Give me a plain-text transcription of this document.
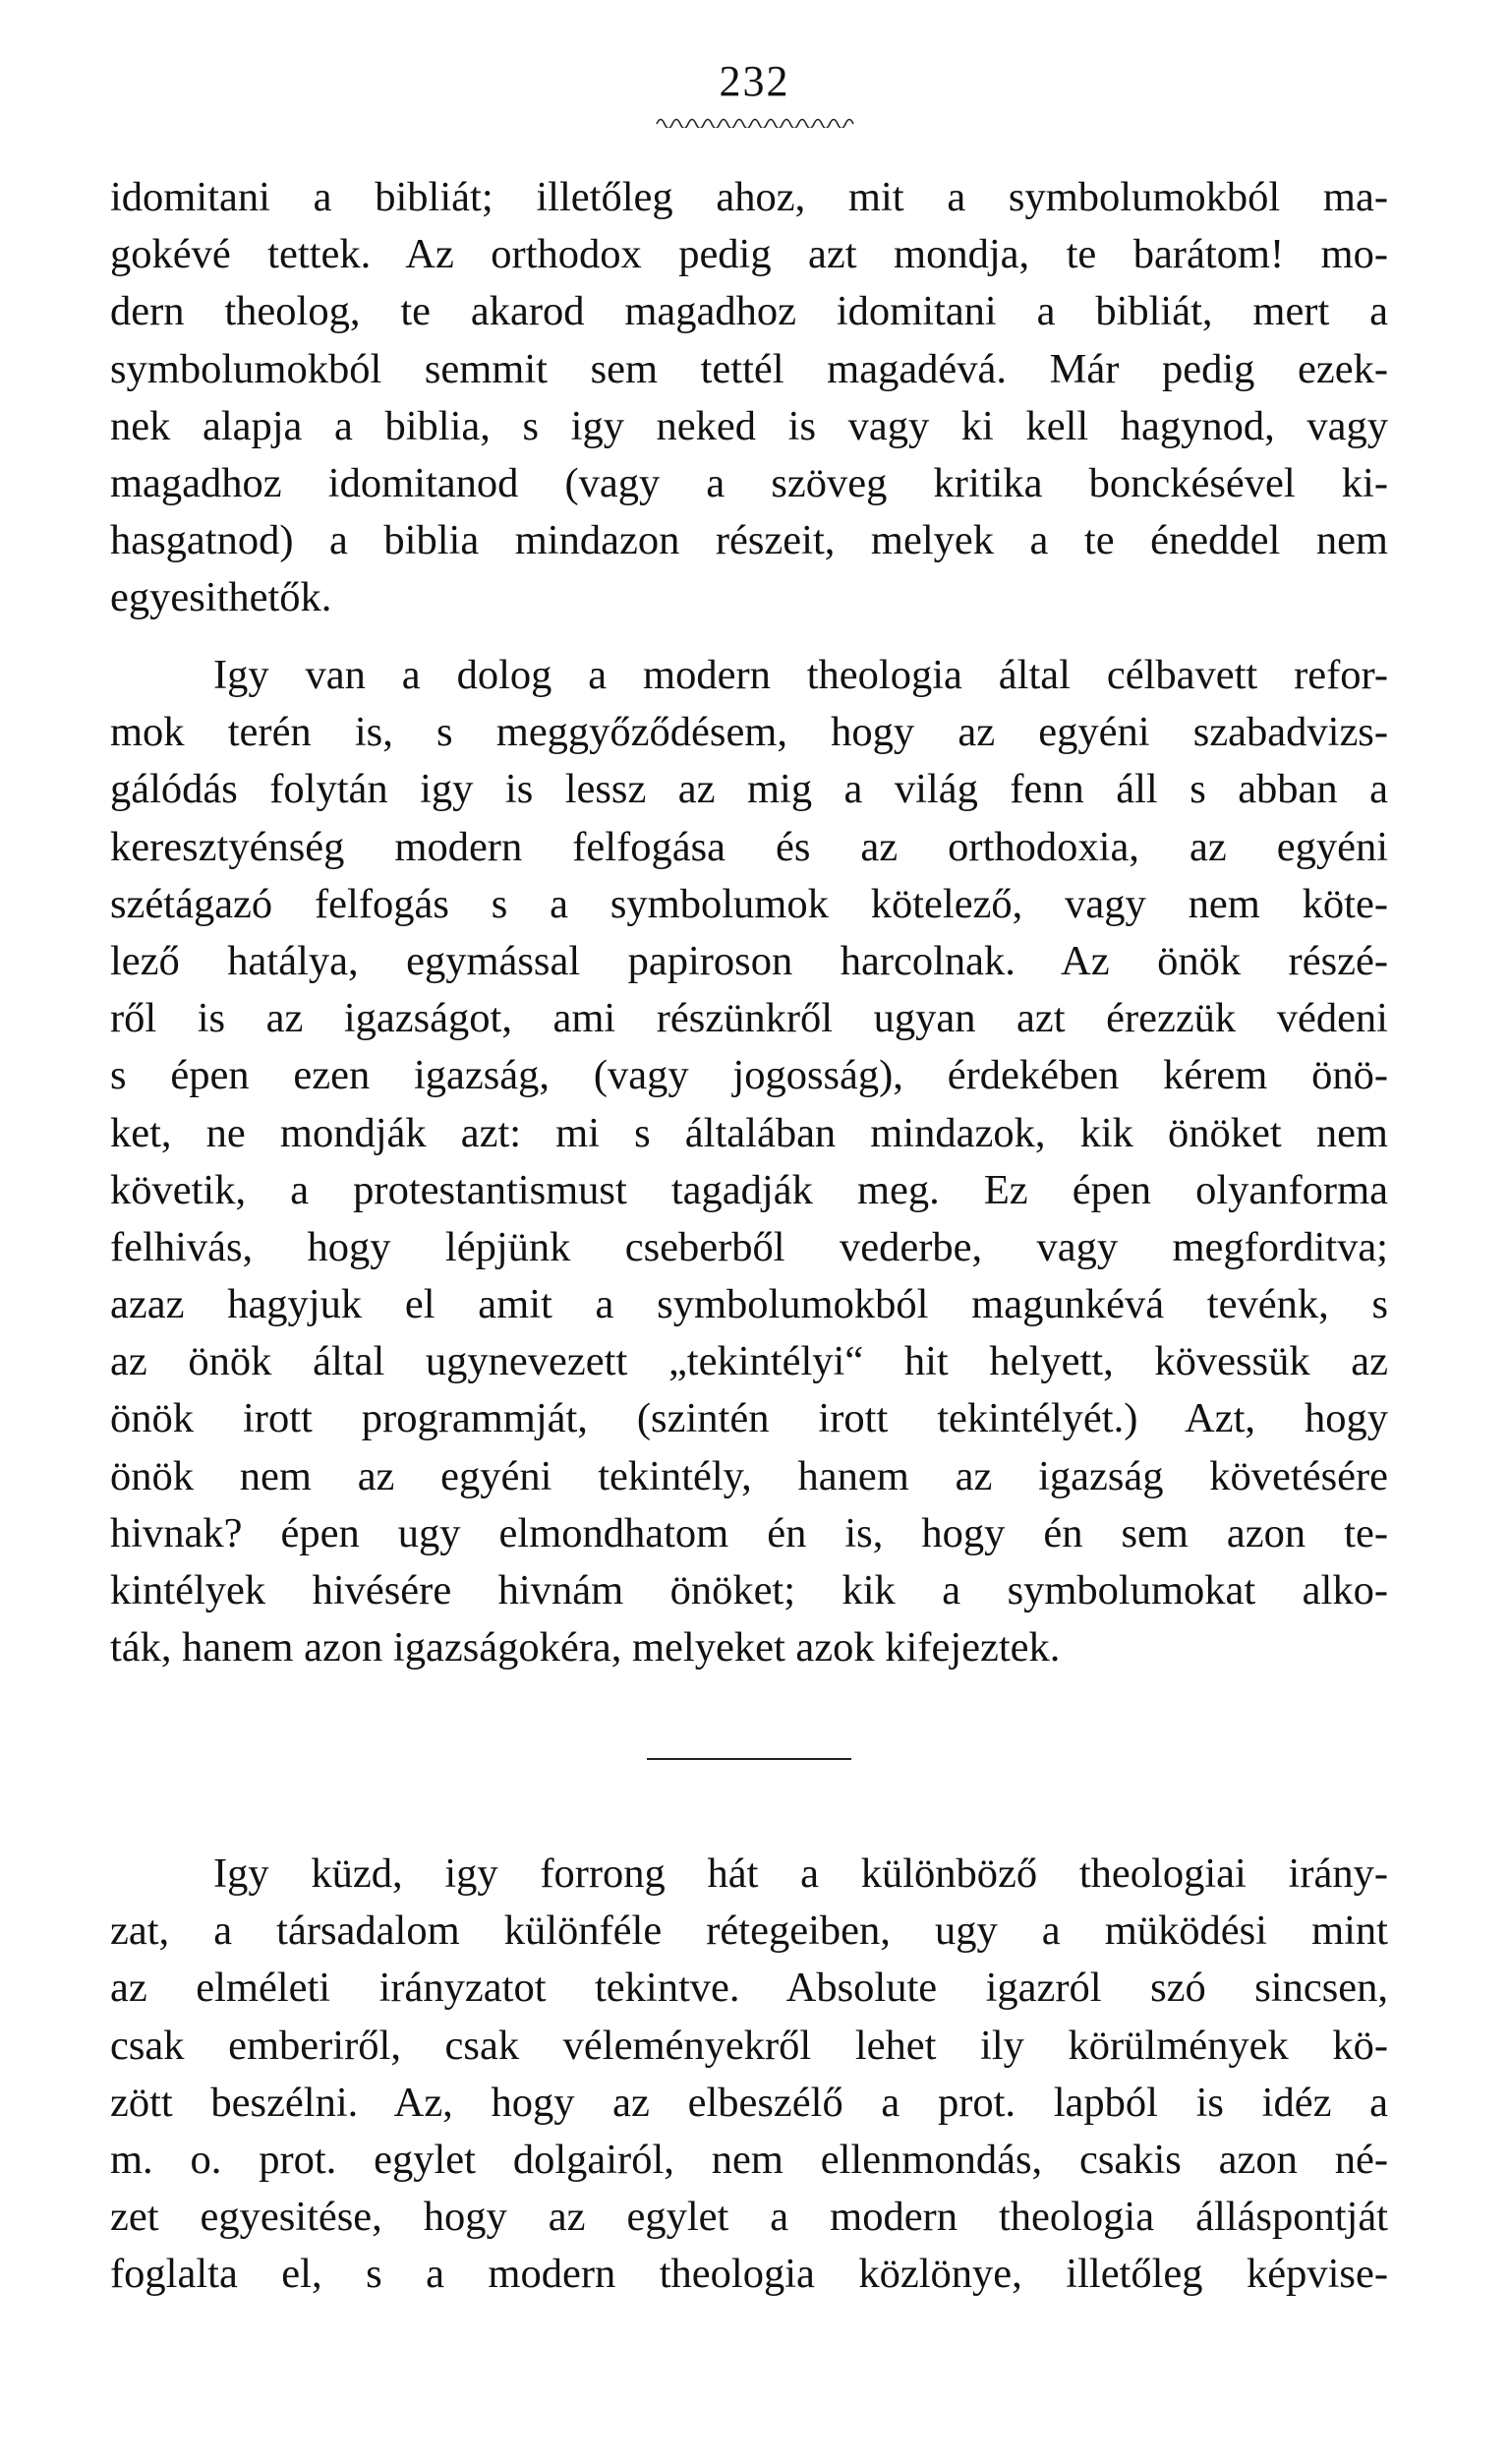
232
idomitani a bibliát; illetőleg ahoz, mit a symbolumokból ma-
gokévé tettek. Az orthodox pedig azt mondja, te barátom! mo-
dern theolog, te akarod magadhoz idomitani a bibliát, mert a
symbolumokból semmit sem tettél magadévá. Már pedig ezek-
nek alapja a biblia, s igy neked is vagy ki kell hagynod, vagy
magadhoz idomitanod (vagy a szöveg kritika bonckésével ki-
hasgatnod) a biblia mindazon részeit, melyek a te éneddel nem
egyesithetők.
Igy van a dolog a modern theologia által célbavett refor-
mok terén is, s meggyőződésem, hogy az egyéni szabadvizs-
gálódás folytán igy is lessz az mig a világ fenn áll s abban a
keresztyénség modern felfogása és az orthodoxia, az egyéni
szétágazó felfogás s a symbolumok kötelező, vagy nem köte-
lező hatálya, egymással papiroson harcolnak. Az önök részé-
ről is az igazságot, ami részünkről ugyan azt érezzük védeni
s épen ezen igazság, (vagy jogosság), érdekében kérem önö-
ket, ne mondják azt: mi s általában mindazok, kik önöket nem
követik, a protestantismust tagadják meg. Ez épen olyanforma
felhivás, hogy lépjünk cseberből vederbe, vagy megforditva;
azaz hagyjuk el amit a symbolumokból magunkévá tevénk, s
az önök által ugynevezett „tekintélyi“ hit helyett, kövessük az
önök irott programmját, (szintén irott tekintélyét.) Azt, hogy
önök nem az egyéni tekintély, hanem az igazság követésére
hivnak? épen ugy elmondhatom én is, hogy én sem azon te-
kintélyek hivésére hivnám önöket; kik a symbolumokat alko-
ták, hanem azon igazságokéra, melyeket azok kifejeztek.
Igy küzd, igy forrong hát a különböző theologiai irány-
zat, a társadalom különféle rétegeiben, ugy a müködési mint
az elméleti irányzatot tekintve. Absolute igazról szó sincsen,
csak emberiről, csak véleményekről lehet ily körülmények kö-
zött beszélni. Az, hogy az elbeszélő a prot. lapból is idéz a
m. o. prot. egylet dolgairól, nem ellenmondás, csakis azon né-
zet egyesitése, hogy az egylet a modern theologia álláspontját
foglalta el, s a modern theologia közlönye, illetőleg képvise-
